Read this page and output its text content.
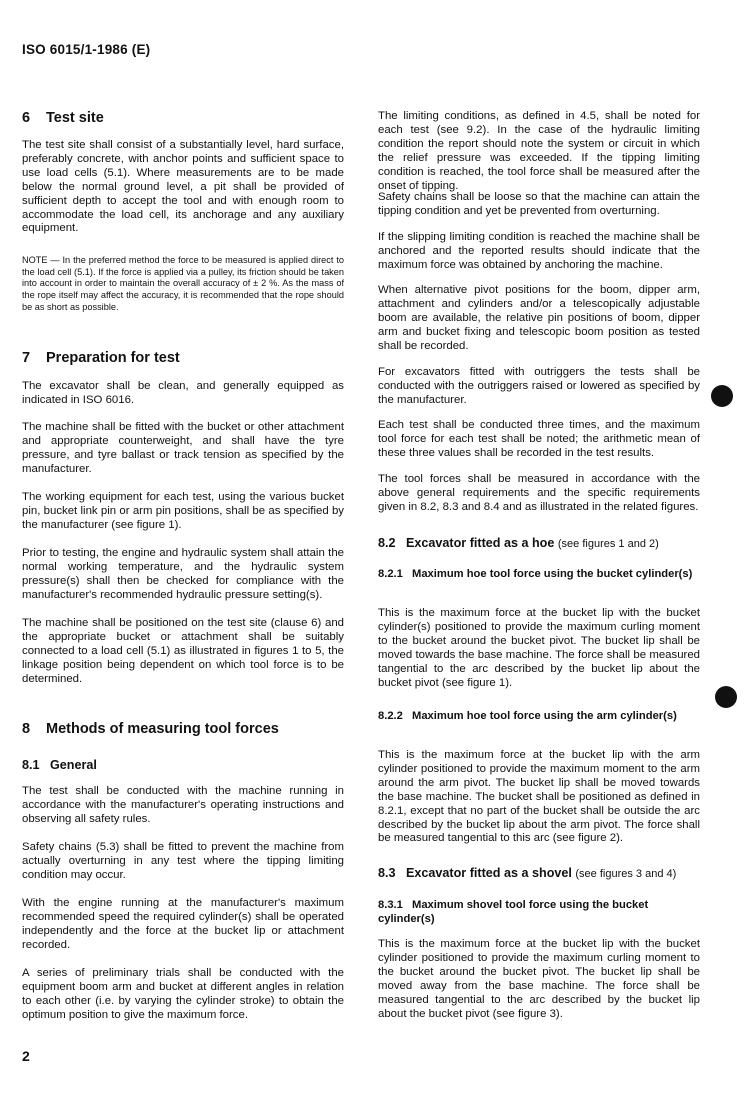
ISO 6015/1-1986 (E)
6 Test site

The test site shall consist of a substantially level, hard surface, preferably concrete, with anchor points and sufficient space to use load cells (5.1). Where measurements are to be made below the normal ground level, a pit shall be provided of sufficient depth to accept the tool and with enough room to accommodate the load cell, its anchorage and any auxiliary equipment.

NOTE — In the preferred method the force to be measured is applied direct to the load cell (5.1). If the force is applied via a pulley, its friction should be taken into account in order to maintain the overall accuracy of ± 2 %. As the mass of the rope itself may affect the accuracy, it is recommended that the rope should be as short as possible.

7 Preparation for test

The excavator shall be clean, and generally equipped as indicated in ISO 6016.

The machine shall be fitted with the bucket or other attachment and appropriate counterweight, and shall have the tyre pressure, and tyre ballast or track tension as specified by the manufacturer.

The working equipment for each test, using the various bucket pin, bucket link pin or arm pin positions, shall be as specified by the manufacturer (see figure 1).

Prior to testing, the engine and hydraulic system shall attain the normal working temperature, and the hydraulic system pressure(s) shall then be checked for compliance with the manufacturer's recommended hydraulic pressure setting(s).

The machine shall be positioned on the test site (clause 6) and the appropriate bucket or attachment shall be suitably connected to a load cell (5.1) as illustrated in figures 1 to 5, the linkage position being dependent on which tool force is to be determined.

8 Methods of measuring tool forces
8.1 General

The test shall be conducted with the machine running in accordance with the manufacturer's operating instructions and observing all safety rules.

Safety chains (5.3) shall be fitted to prevent the machine from actually overturning in any test where the tipping limiting condition may occur.

With the engine running at the manufacturer's maximum recommended speed the required cylinder(s) shall be operated independently and the force at the bucket lip or attachment recorded.

A series of preliminary trials shall be conducted with the equipment boom arm and bucket at different angles in relation to each other (i.e. by varying the cylinder stroke) to obtain the optimum position to give the maximum force.

The limiting conditions, as defined in 4.5, shall be noted for each test (see 9.2). In the case of the hydraulic limiting condition the report should note the system or circuit in which the relief pressure was exceeded. If the tipping limiting condition is reached, the tool force shall be measured after the onset of tipping.

Safety chains shall be loose so that the machine can attain the tipping condition and yet be prevented from overturning.

If the slipping limiting condition is reached the machine shall be anchored and the reported results should indicate that the maximum force was obtained by anchoring the machine.

When alternative pivot positions for the boom, dipper arm, attachment and cylinders and/or a telescopically adjustable boom are available, the relative pin positions of boom, dipper arm and bucket fixing and telescopic boom position as tested shall be recorded.

For excavators fitted with outriggers the tests shall be conducted with the outriggers raised or lowered as specified by the manufacturer.

Each test shall be conducted three times, and the maximum tool force for each test shall be noted; the arithmetic mean of these three values shall be recorded in the test results.

The tool forces shall be measured in accordance with the above general requirements and the specific requirements given in 8.2, 8.3 and 8.4 and as illustrated in the related figures.

8.2 Excavator fitted as a hoe (see figures 1 and 2)
8.2.1 Maximum hoe tool force using the bucket cylinder(s)

This is the maximum force at the bucket lip with the bucket cylinder(s) positioned to provide the maximum curling moment to the bucket around the bucket pivot. The bucket lip shall be moved towards the base machine. The force shall be measured tangential to the arc described by the bucket lip about the bucket pivot (see figure 1).

8.2.2 Maximum hoe tool force using the arm cylinder(s)

This is the maximum force at the bucket lip with the arm cylinder positioned to provide the maximum moment to the arm around the arm pivot. The bucket lip shall be moved towards the base machine. The bucket shall be positioned as defined in 8.2.1, except that no part of the bucket shall be outside the arc described by the bucket lip about the arm pivot. The force shall be measured tangential to this arc (see figure 2).

8.3 Excavator fitted as a shovel (see figures 3 and 4)
8.3.1 Maximum shovel tool force using the bucket cylinder(s)

This is the maximum force at the bucket lip with the bucket cylinder positioned to provide the maximum curling moment to the bucket around the bucket pivot. The bucket lip shall be moved away from the base machine. The force shall be measured tangential to the arc described by the bucket lip about the bucket pivot (see figure 3).

2
